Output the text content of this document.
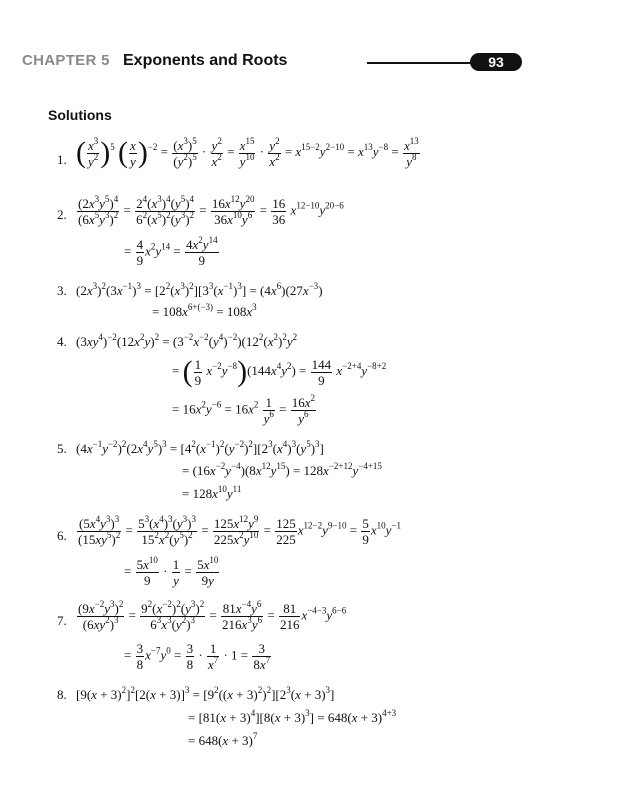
CHAPTER 5 Exponents and Roots	93
Solutions
1. ( $\frac{x^3}{y^2} )^5$ ( $\frac{x}{y} )^{-2} = \frac{(x^3)^5}{(y^2)^5} \cdot \frac{y^2}{x^2} = \frac{x^{15}}{y^{10}} \cdot \frac{y^2}{x^2} = x^{15-2}y^{2-10} = x^{13}y^{-8} = \frac{x^{13}}{y^8}$
2. $\frac{(2x^3y^5)^4}{(6x^5y^3)^2} = \frac{2^4(x^3)^4(y^5)^4}{6^2(x^5)^2(y^3)^2} = \frac{16x^{12}y^{20}}{36x^{10}y^6} = \frac{16}{36} x^{12-10}y^{20-6}$
= $\frac{4}{9} x^2y^{14} = \frac{4x^2y^{14}}{9}$
3. $(2x^3)^2(3x^{-1})^3 = [2^2(x^3)^2][3^3(x^{-1})^3] = (4x^6)(27x^{-3})$
= $108x^{6+(-3)} = 108x^3$
4. $(3xy^4)^{-2}(12x^2y)^2 = (3^{-2}x^{-2}(y^4)^{-2})(12^2(x^2)^2y^2$
= ( $\frac{1}{9} x^{-2}y^{-8})(144x^4y^2) = \frac{144}{9} x^{-2+4}y^{-8+2}$
= $16x^2y^{-6} = 16x^2 \frac{1}{y^6} = \frac{16x^2}{y^6}$
5. $(4x^{-1}y^{-2})^2(2x^4y^5)^3 = [4^2(x^{-1})^2(y^{-2})^2][2^3(x^4)^3(y^5)^3]$
= $(16x^{-2}y^{-4})(8x^{12}y^{15}) = 128x^{-2+12}y^{-4+15}$
= $128x^{10}y^{11}$
6. $\frac{(5x^4y^3)^3}{(15xy^5)^2} = \frac{5^3(x^4)^3(y^3)^3}{15^2x^2(y^5)^2} = \frac{125x^{12}y^9}{225x^2y^{10}} = \frac{125}{225} x^{12-2}y^{9-10} = \frac{5}{9} x^{10}y^{-1}$
= $\frac{5x^{10}}{9} \cdot \frac{1}{y} = \frac{5x^{10}}{9y}$
7. $\frac{(9x^{-2}y^3)^2}{(6xy^2)^3} = \frac{9^2(x^{-2})^2(y^3)^2}{6^3x^3(y^2)^3} = \frac{81x^{-4}y^6}{216x^3y^6} = \frac{81}{216} x^{-4-3}y^{6-6}$
= $\frac{3}{8} x^{-7}y^0 = \frac{3}{8} \cdot \frac{1}{x^7} \cdot 1 = \frac{3}{8x^7}$
8. $[9(x + 3)^2]^2[2(x + 3)]^3 = [9^2((x + 3)^2)^2][2^3(x + 3)^3]$
= $[81(x + 3)^4][8(x + 3)^3] = 648(x + 3)^{4+3}$
= $648(x + 3)^7$
